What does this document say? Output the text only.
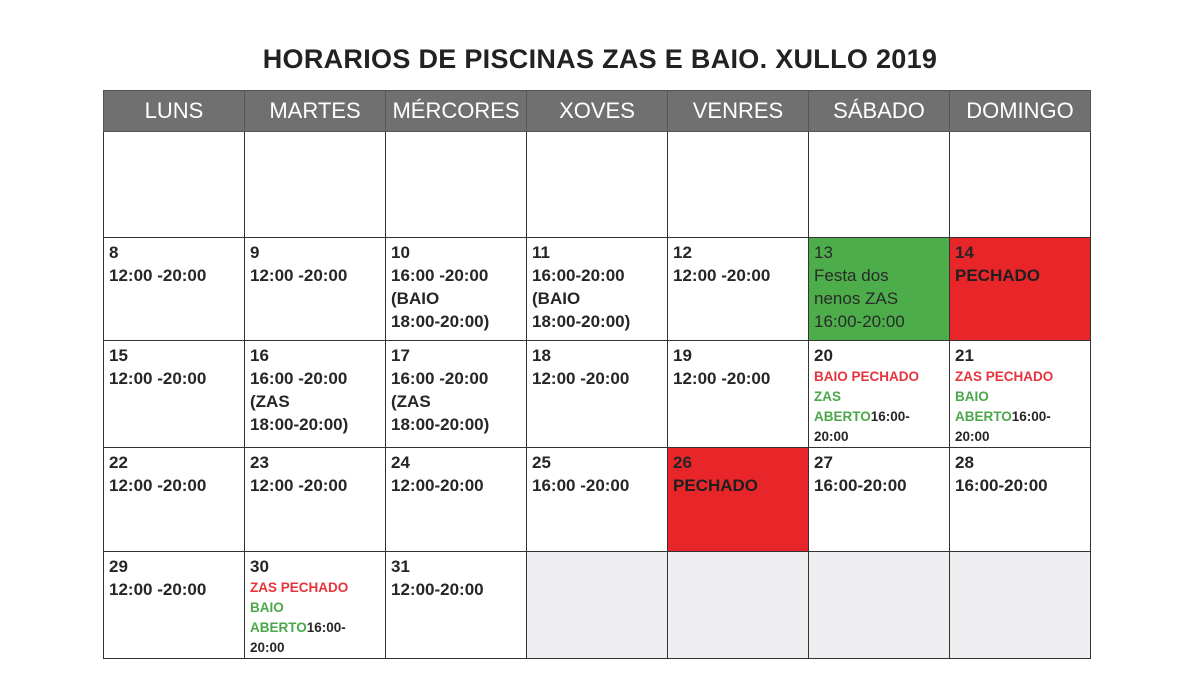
HORARIOS DE PISCINAS ZAS E BAIO. XULLO 2019
LUNS	MARTES	MÉRCORES	XOVES	VENRES	SÁBADO	DOMINGO

8
12:00 -20:00	9
12:00 -20:00	10
16:00 -20:00
(BAIO
18:00-20:00)	11
16:00-20:00
(BAIO
18:00-20:00)	12
12:00 -20:00	13
Festa dos
nenos ZAS
16:00-20:00	14
PECHADO

15
12:00 -20:00	16
16:00 -20:00
(ZAS
18:00-20:00)	17
16:00 -20:00
(ZAS
18:00-20:00)	18
12:00 -20:00	19
12:00 -20:00	20
BAIO PECHADO
ZAS
ABERTO16:00-
20:00	21
ZAS PECHADO
BAIO
ABERTO16:00-
20:00

22
12:00 -20:00	23
12:00 -20:00	24
12:00-20:00	25
16:00 -20:00	26
PECHADO	27
16:00-20:00	28
16:00-20:00

29
12:00 -20:00	30
ZAS PECHADO
BAIO
ABERTO16:00-
20:00	31
12:00-20:00				
